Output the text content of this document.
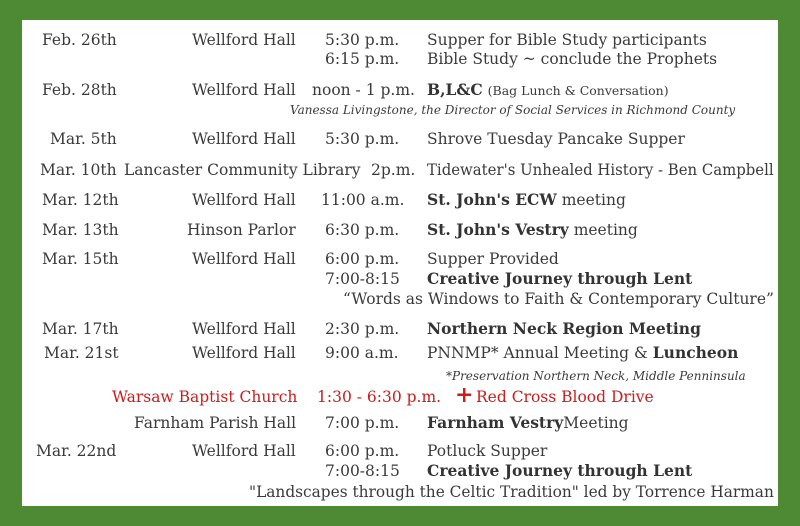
Feb. 26th	Wellford Hall 5:30 p.m. Supper for Bible Study participants
6:15 p.m. Bible Study ~ conclude the Prophets
Feb. 28th	Wellford Hall noon - 1 p.m. B,L&C (Bag Lunch & Conversation)
Vanessa Livingstone, the Director of Social Services in Richmond County
Mar. 5th	Wellford Hall 5:30 p.m. Shrove Tuesday Pancake Supper
Mar. 10th Lancaster Community Library 2p.m. Tidewater's Unhealed History - Ben Campbell
Mar. 12th	Wellford Hall 11:00 a.m. St. John's ECW meeting
Mar. 13th	Hinson Parlor 6:30 p.m. St. John's Vestry meeting
Mar. 15th	Wellford Hall 6:00 p.m. Supper Provided
7:00-8:15 Creative Journey through Lent
“Words as Windows to Faith & Contemporary Culture”
Mar. 17th	Wellford Hall 2:30 p.m. Northern Neck Region Meeting
Mar. 21st	Wellford Hall 9:00 a.m. PNNMP* Annual Meeting & Luncheon
*Preservation Northern Neck, Middle Penninsula
Warsaw Baptist Church 1:30 - 6:30 p.m. + Red Cross Blood Drive
Farnham Parish Hall 7:00 p.m. Farnham VestryMeeting
Mar. 22nd	Wellford Hall 6:00 p.m. Potluck Supper
7:00-8:15 Creative Journey through Lent
"Landscapes through the Celtic Tradition" led by Torrence Harman
